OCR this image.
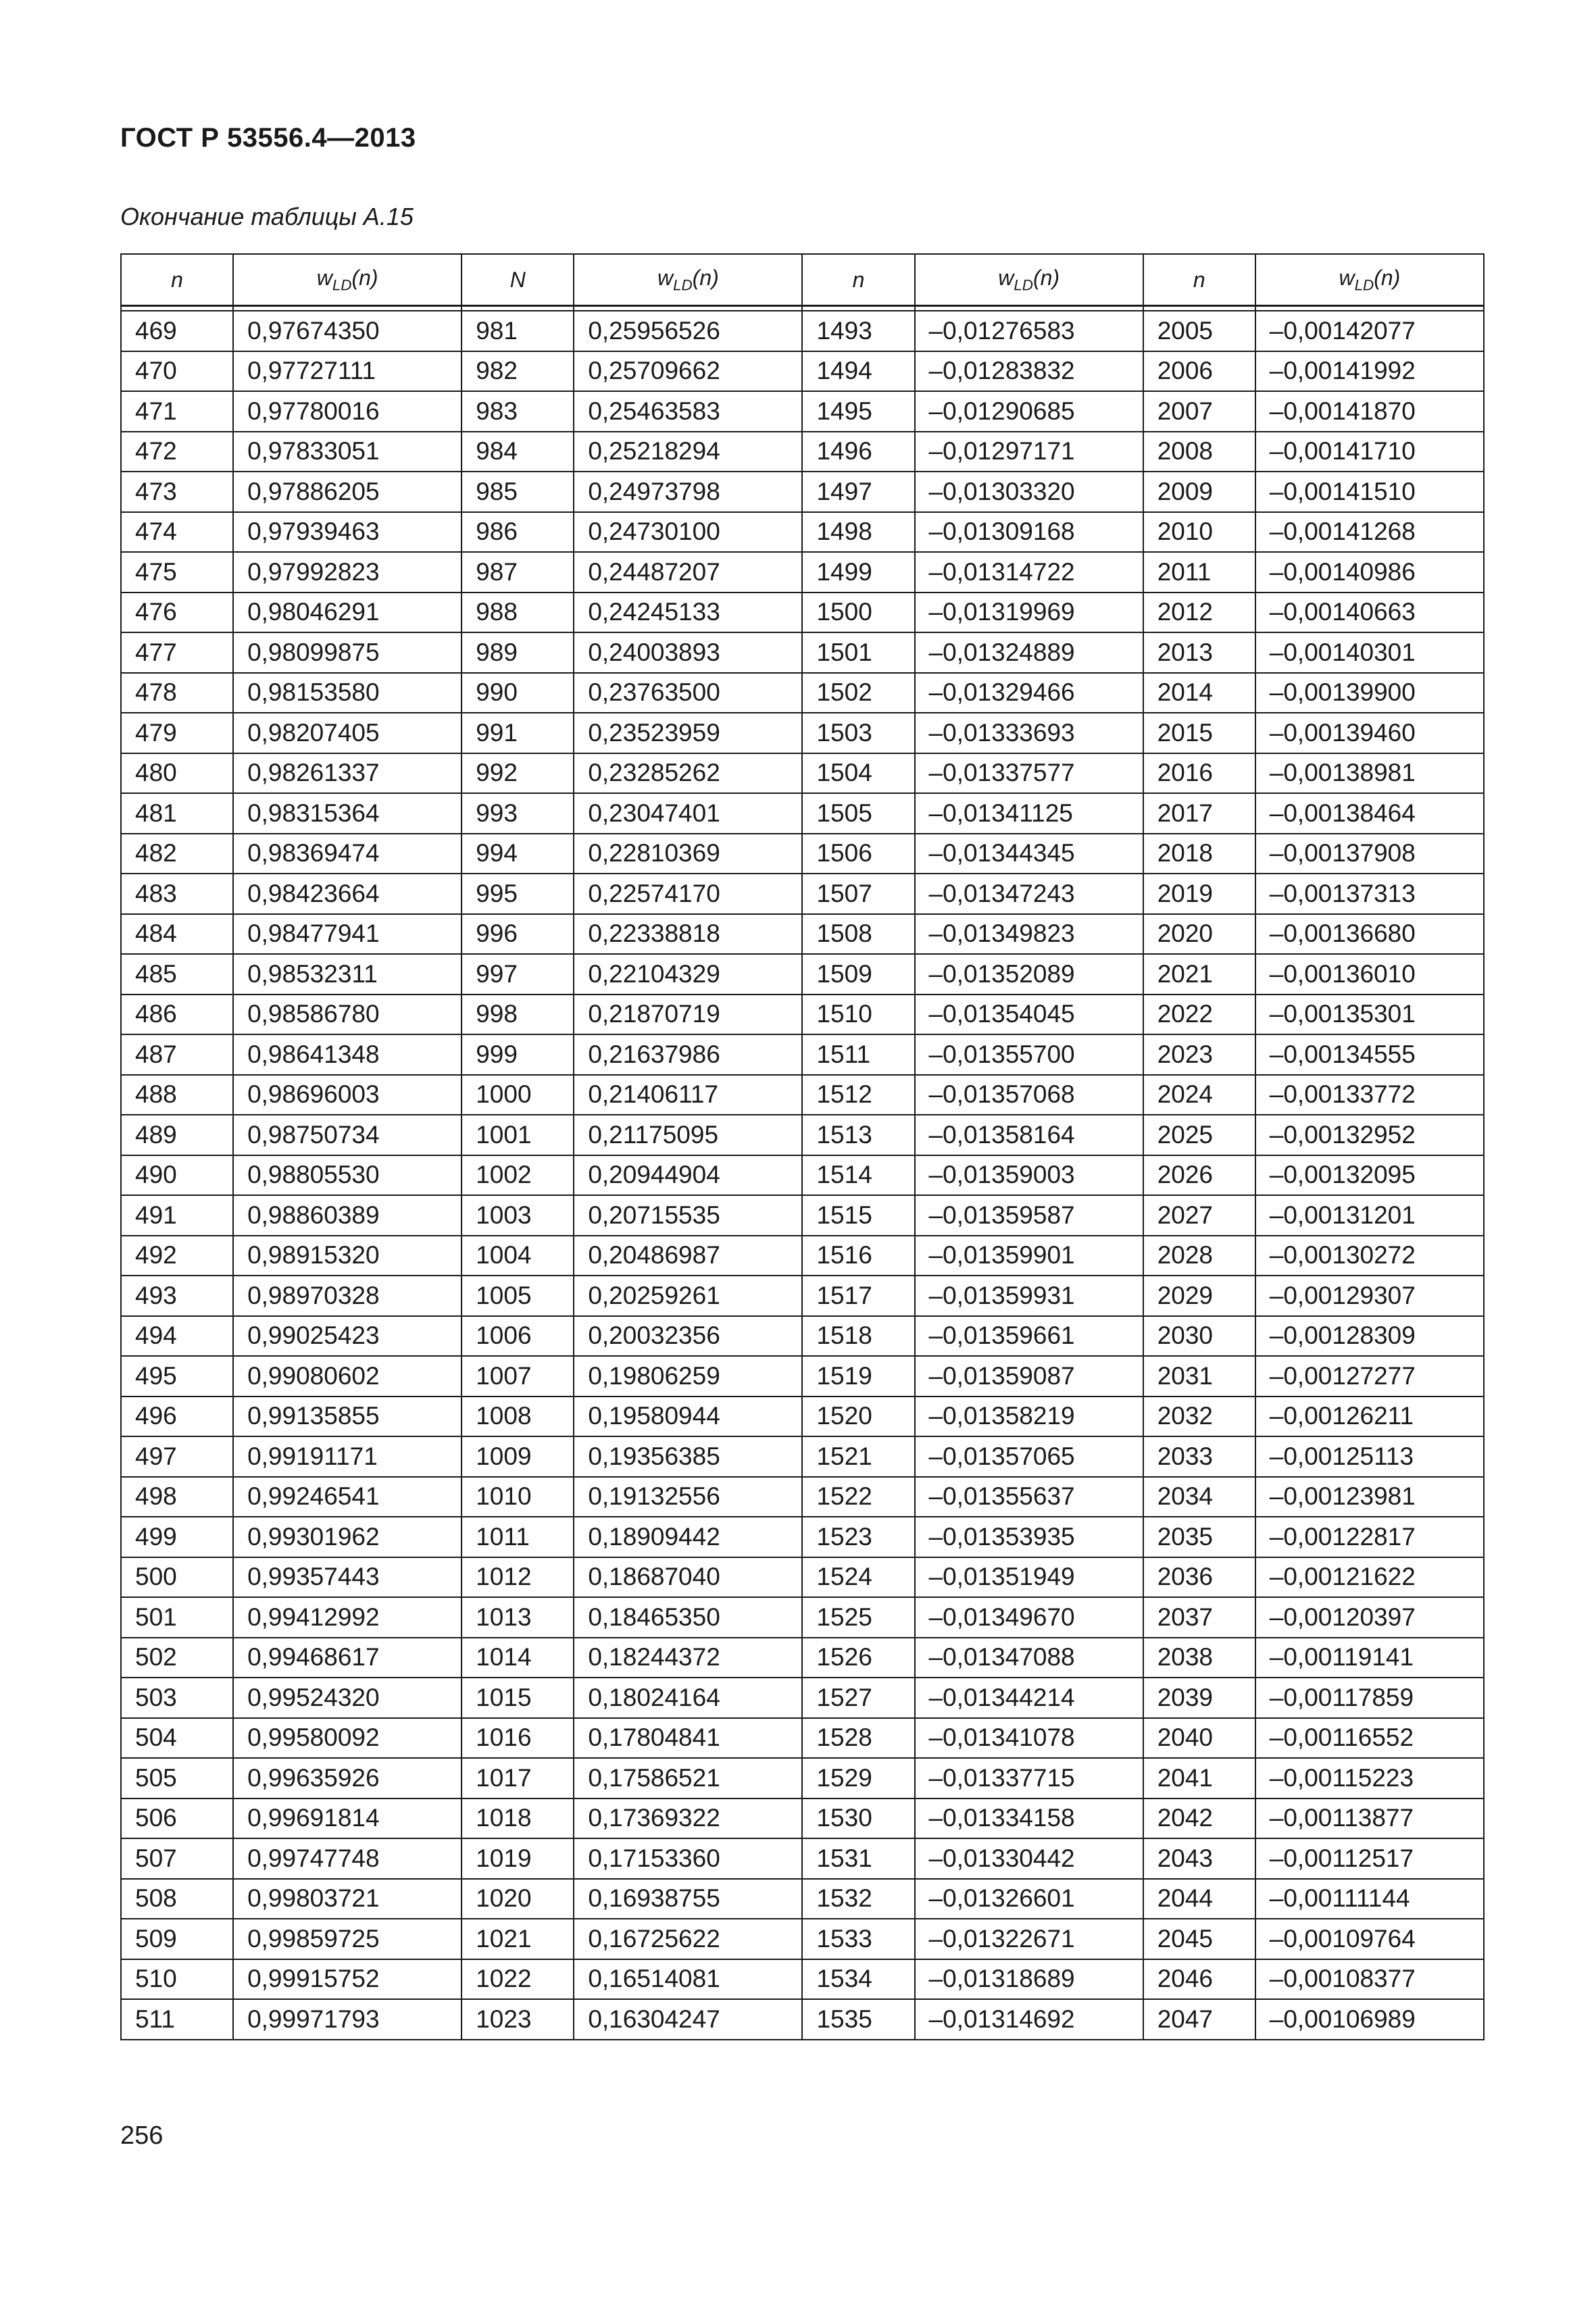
ГОСТ Р 53556.4—2013
Окончание таблицы А.15
n	$w_{LD}(n)$	N	$w_{LD}(n)$	n	$w_{LD}(n)$	n	$w_{LD}(n)$

469	0,97674350	981	0,25956526	1493	–0,01276583	2005	–0,00142077
470	0,97727111	982	0,25709662	1494	–0,01283832	2006	–0,00141992
471	0,97780016	983	0,25463583	1495	–0,01290685	2007	–0,00141870
472	0,97833051	984	0,25218294	1496	–0,01297171	2008	–0,00141710
473	0,97886205	985	0,24973798	1497	–0,01303320	2009	–0,00141510
474	0,97939463	986	0,24730100	1498	–0,01309168	2010	–0,00141268
475	0,97992823	987	0,24487207	1499	–0,01314722	2011	–0,00140986
476	0,98046291	988	0,24245133	1500	–0,01319969	2012	–0,00140663
477	0,98099875	989	0,24003893	1501	–0,01324889	2013	–0,00140301
478	0,98153580	990	0,23763500	1502	–0,01329466	2014	–0,00139900
479	0,98207405	991	0,23523959	1503	–0,01333693	2015	–0,00139460
480	0,98261337	992	0,23285262	1504	–0,01337577	2016	–0,00138981
481	0,98315364	993	0,23047401	1505	–0,01341125	2017	–0,00138464
482	0,98369474	994	0,22810369	1506	–0,01344345	2018	–0,00137908
483	0,98423664	995	0,22574170	1507	–0,01347243	2019	–0,00137313
484	0,98477941	996	0,22338818	1508	–0,01349823	2020	–0,00136680
485	0,98532311	997	0,22104329	1509	–0,01352089	2021	–0,00136010
486	0,98586780	998	0,21870719	1510	–0,01354045	2022	–0,00135301
487	0,98641348	999	0,21637986	1511	–0,01355700	2023	–0,00134555
488	0,98696003	1000	0,21406117	1512	–0,01357068	2024	–0,00133772
489	0,98750734	1001	0,21175095	1513	–0,01358164	2025	–0,00132952
490	0,98805530	1002	0,20944904	1514	–0,01359003	2026	–0,00132095
491	0,98860389	1003	0,20715535	1515	–0,01359587	2027	–0,00131201
492	0,98915320	1004	0,20486987	1516	–0,01359901	2028	–0,00130272
493	0,98970328	1005	0,20259261	1517	–0,01359931	2029	–0,00129307
494	0,99025423	1006	0,20032356	1518	–0,01359661	2030	–0,00128309
495	0,99080602	1007	0,19806259	1519	–0,01359087	2031	–0,00127277
496	0,99135855	1008	0,19580944	1520	–0,01358219	2032	–0,00126211
497	0,99191171	1009	0,19356385	1521	–0,01357065	2033	–0,00125113
498	0,99246541	1010	0,19132556	1522	–0,01355637	2034	–0,00123981
499	0,99301962	1011	0,18909442	1523	–0,01353935	2035	–0,00122817
500	0,99357443	1012	0,18687040	1524	–0,01351949	2036	–0,00121622
501	0,99412992	1013	0,18465350	1525	–0,01349670	2037	–0,00120397
502	0,99468617	1014	0,18244372	1526	–0,01347088	2038	–0,00119141
503	0,99524320	1015	0,18024164	1527	–0,01344214	2039	–0,00117859
504	0,99580092	1016	0,17804841	1528	–0,01341078	2040	–0,00116552
505	0,99635926	1017	0,17586521	1529	–0,01337715	2041	–0,00115223
506	0,99691814	1018	0,17369322	1530	–0,01334158	2042	–0,00113877
507	0,99747748	1019	0,17153360	1531	–0,01330442	2043	–0,00112517
508	0,99803721	1020	0,16938755	1532	–0,01326601	2044	–0,00111144
509	0,99859725	1021	0,16725622	1533	–0,01322671	2045	–0,00109764
510	0,99915752	1022	0,16514081	1534	–0,01318689	2046	–0,00108377
511	0,99971793	1023	0,16304247	1535	–0,01314692	2047	–0,00106989
256
